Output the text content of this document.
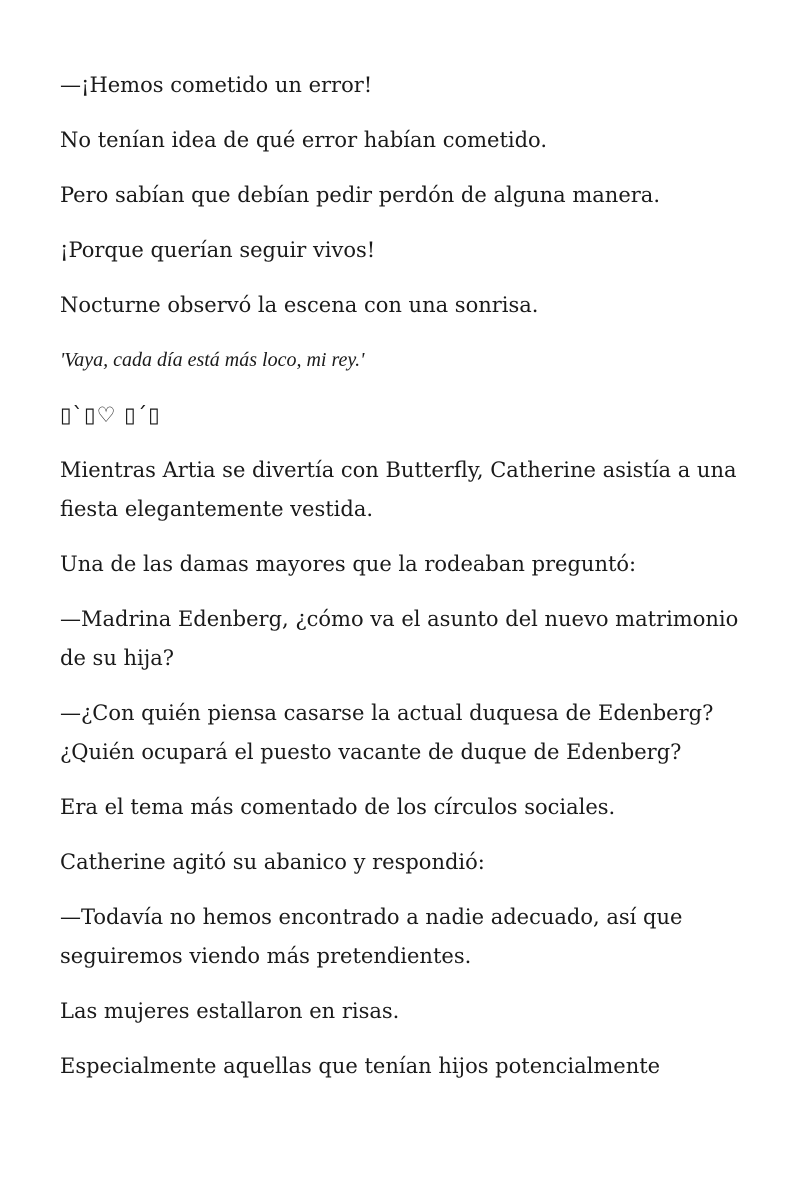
—¡Hemos cometido un error!

No tenían idea de qué error habían cometido.

Pero sabían que debían pedir perdón de alguna manera.

¡Porque querían seguir vivos!

Nocturne observó la escena con una sonrisa.

'Vaya, cada día está más loco, mi rey.'

▯`▯♡ ▯´▯

Mientras Artia se divertía con Butterfly, Catherine asistía a una fiesta elegantemente vestida.

Una de las damas mayores que la rodeaban preguntó:

—Madrina Edenberg, ¿cómo va el asunto del nuevo matrimonio de su hija?

—¿Con quién piensa casarse la actual duquesa de Edenberg? ¿Quién ocupará el puesto vacante de duque de Edenberg?

Era el tema más comentado de los círculos sociales.

Catherine agitó su abanico y respondió:

—Todavía no hemos encontrado a nadie adecuado, así que seguiremos viendo más pretendientes.

Las mujeres estallaron en risas.

Especialmente aquellas que tenían hijos potencialmente
